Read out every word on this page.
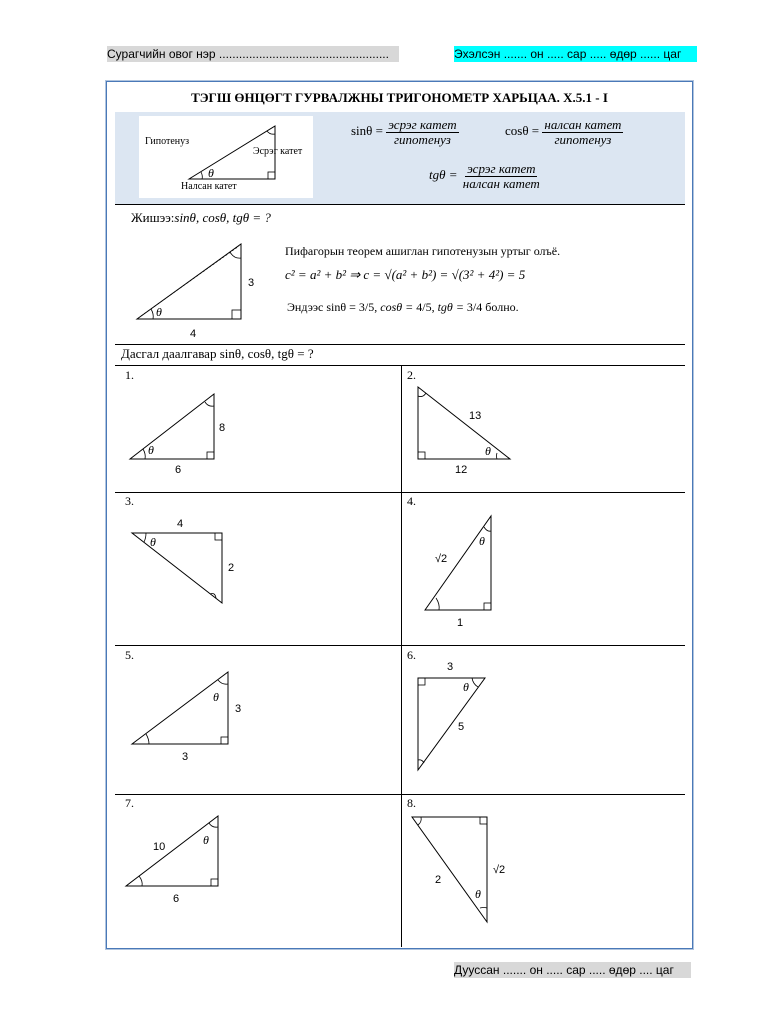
Сурагчийн овог нэр ...................................................	Эхэлсэн ....... он ..... сар ..... өдөр ...... цаг
Дууссан ....... он ..... сар ..... өдөр .... цаг
ТЭГШ ӨНЦӨГТ ГУРВАЛЖНЫ ТРИГОНОМЕТР ХАРЬЦАА. X.5.1 - I
θ
Гипотенуз
Эсрэг катет
Налсан катет
$\sin\theta = \frac{\text{эсрэг катет}}{\text{гипотенуз}}$	$\cos\theta = \frac{\text{налсан катет}}{\text{гипотенуз}}$
$tg\theta = \frac{\text{эсрэг катет}}{\text{налсан катет}}$
Жишээ:sinθ, cosθ, tgθ = ?
θ
3
4
Пифагорын теорем ашиглан гипотенузын уртыг олъё.
c² = a² + b² ⇒ c = √(a² + b²) = √(3² + 4²) = 5
Эндээс sinθ = 3/5, cosθ = 4/5, tgθ = 3/4 болно.
Дасгал даалгавар sinθ, cosθ, tgθ = ?
1.
θ
8
6
2.
θ
13
12
3.
θ
4
2
4.
θ
√2
1
5.
θ
3
3
6.
θ
3
5
7.
θ
10
6
8.
θ
2
√2
